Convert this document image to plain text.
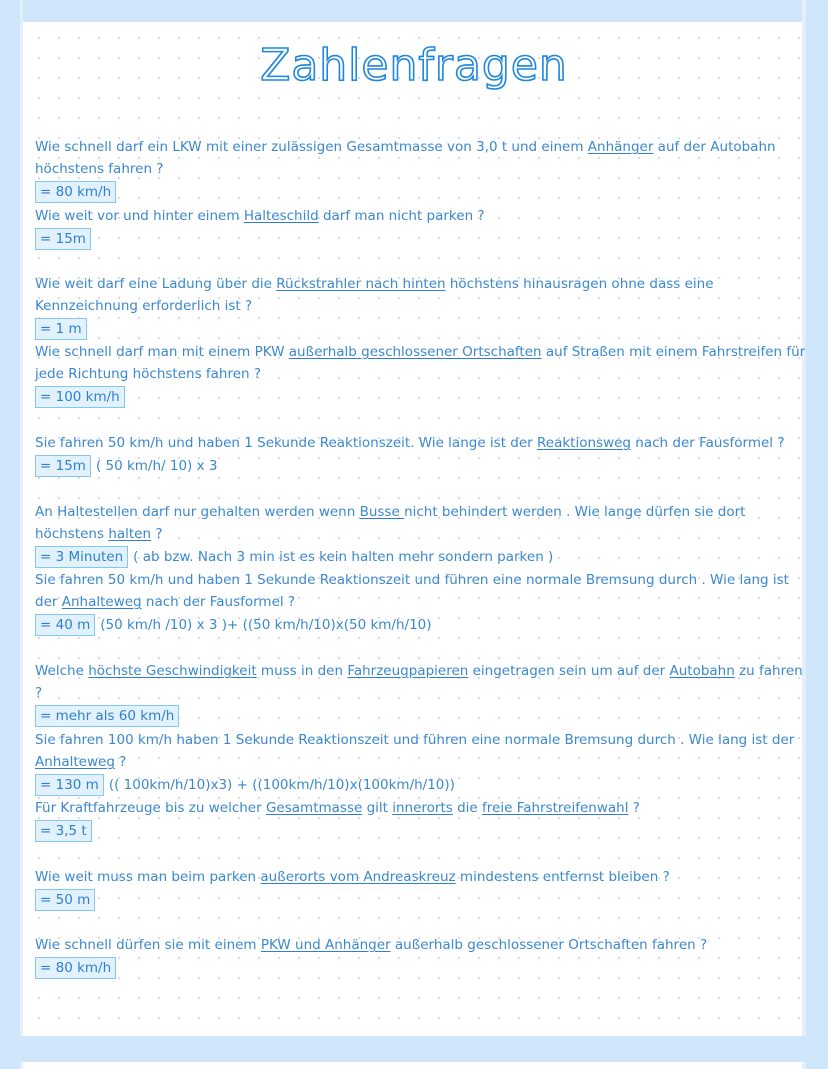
Zahlenfragen

Wie schnell darf ein LKW mit einer zulässigen Gesamtmasse von 3,0 t und einem Anhänger auf der Autobahn höchstens fahren ?

= 80 km/h

Wie weit vor und hinter einem Halteschild darf man nicht parken ?

= 15m

Wie weit darf eine Ladung über die Rückstrahler nach hinten höchstens hinausragen ohne dass eine Kennzeichnung erforderlich ist ?

= 1 m

Wie schnell darf man mit einem PKW außerhalb geschlossener Ortschaften auf Straßen mit einem Fahrstreifen für jede Richtung höchstens fahren ?

= 100 km/h

Sie fahren 50 km/h und haben 1 Sekunde Reaktionszeit. Wie lange ist der Reaktionsweg nach der Fausformel ?

= 15m ( 50 km/h/ 10) x 3

An Haltestellen darf nur gehalten werden wenn Busse nicht behindert werden . Wie lange dürfen sie dort höchstens halten ?

= 3 Minuten ( ab bzw. Nach 3 min ist es kein halten mehr sondern parken )

Sie fahren 50 km/h und haben 1 Sekunde Reaktionszeit und führen eine normale Bremsung durch . Wie lang ist der Anhalteweg nach der Fausformel ?

= 40 m (50 km/h /10) x 3 )+ ((50 km/h/10)x(50 km/h/10)

Welche höchste Geschwindigkeit muss in den Fahrzeugpapieren eingetragen sein um auf der Autobahn zu fahren ?

= mehr als 60 km/h

Sie fahren 100 km/h haben 1 Sekunde Reaktionszeit und führen eine normale Bremsung durch . Wie lang ist der Anhalteweg ?

= 130 m (( 100km/h/10)x3) + ((100km/h/10)x(100km/h/10))

Für Kraftfahrzeuge bis zu welcher Gesamtmasse gilt innerorts die freie Fahrstreifenwahl ?

= 3,5 t

Wie weit muss man beim parken außerorts vom Andreaskreuz mindestens entfernst bleiben ?

= 50 m

Wie schnell dürfen sie mit einem PKW und Anhänger außerhalb geschlossener Ortschaften fahren ?

= 80 km/h
